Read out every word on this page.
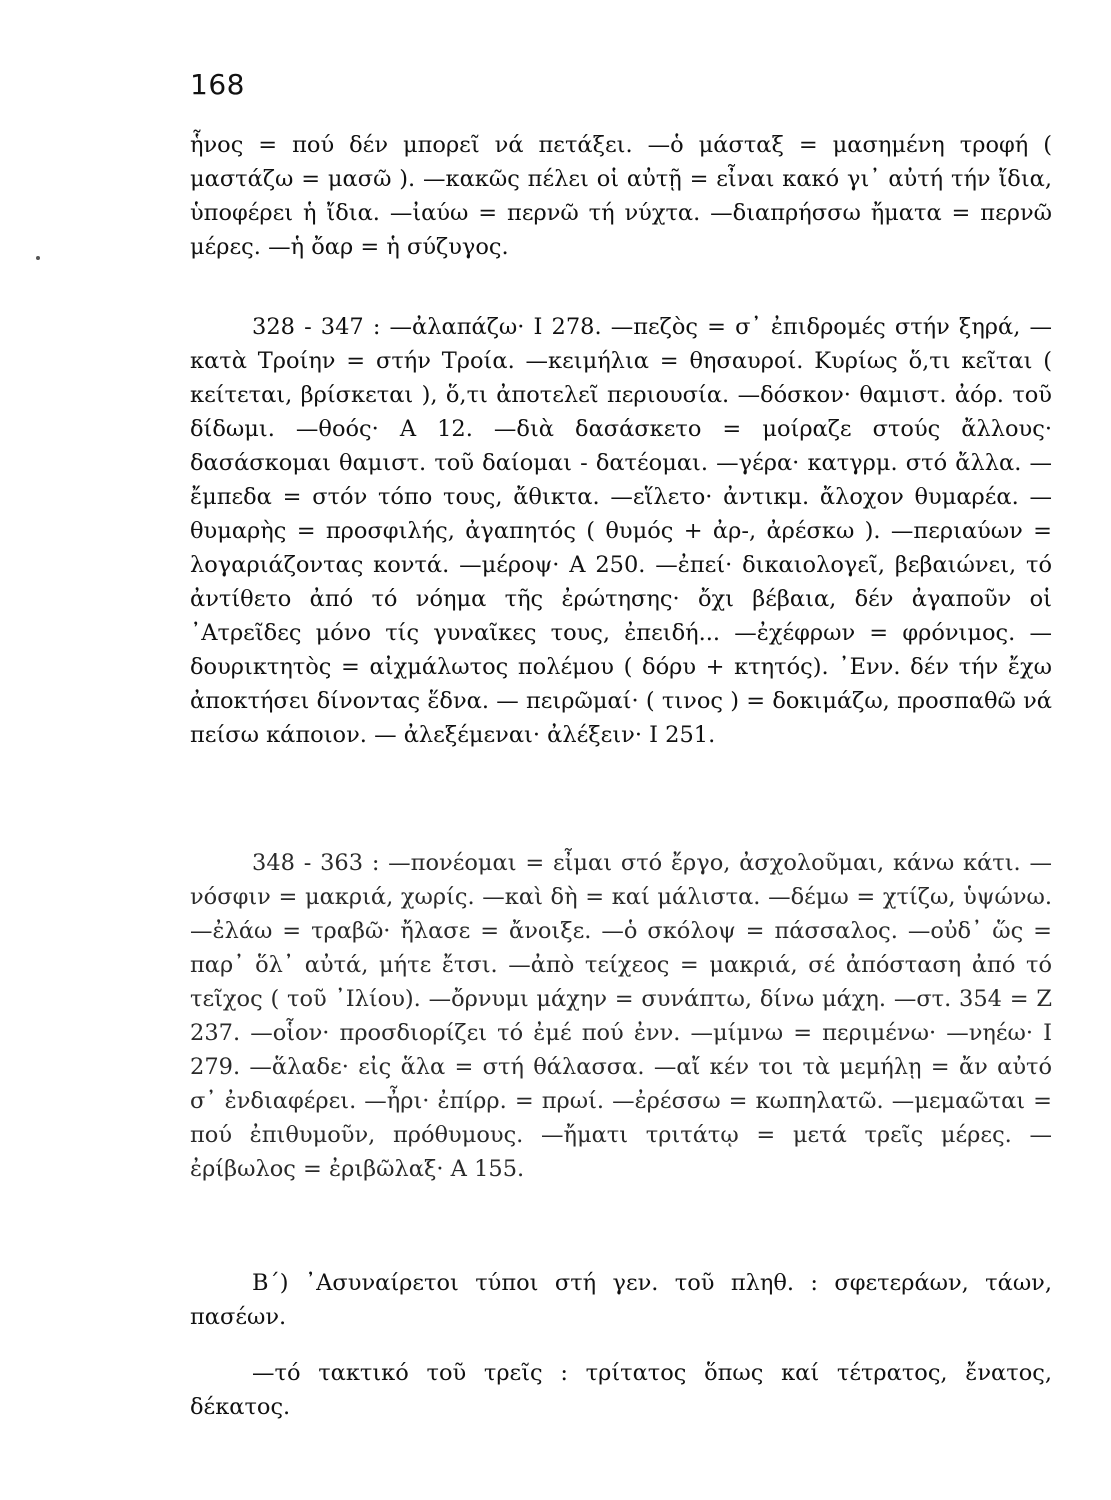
168
ἧνος = πού δέν μπορεῖ νά πετάξει. —ὁ μάσταξ = μασημένη τροφή ( μαστάζω = μασῶ ). —κακῶς πέλει οἱ αὐτῇ = εἶναι κακό γι᾽ αὐτή τήν ἴδια, ὑποφέρει ἡ ἴδια. —ἰαύω = περνῶ τή νύχτα. —διαπρήσσω ἤματα = περνῶ μέρες. —ἡ ὄαρ = ἡ σύζυγος.
328 - 347 : —ἀλαπάζω· Ι 278. —πεζὸς = σ᾽ ἐπιδρομές στήν ξηρά, —κατὰ Τροίην = στήν Τροία. —κειμήλια = θησαυροί. Κυρίως ὅ,τι κεῖται ( κείτεται, βρίσκεται ), ὅ,τι ἀποτελεῖ περιουσία. —δόσκον· θαμιστ. ἀόρ. τοῦ δίδωμι. —θοός· Α 12. —διὰ δασάσκετο = μοίραζε στούς ἄλλους· δασάσκομαι θαμιστ. τοῦ δαίομαι - δατέομαι. —γέρα· κατγρμ. στό ἄλλα. —ἔμπεδα = στόν τόπο τους, ἄθικτα. —εἵλετο· ἀντικμ. ἄλοχον θυμαρέα. —θυμαρὴς = προσφιλής, ἀγαπητός ( θυμός + ἀρ-, ἀρέσκω ). —περιαύων = λογαριάζοντας κοντά. —μέροψ· Α 250. —ἐπεί· δικαιολογεῖ, βεβαιώνει, τό ἀντίθετο ἀπό τό νόημα τῆς ἐρώτησης· ὄχι βέβαια, δέν ἀγαποῦν οἱ ᾽Ατρεῖδες μόνο τίς γυναῖκες τους, ἐπειδή... —ἐχέφρων = φρόνιμος. —δουρικτητὸς = αἰχμάλωτος πολέμου ( δόρυ + κτητός). ᾽Ενν. δέν τήν ἔχω ἀποκτήσει δίνοντας ἕδνα. — πειρῶμαί· ( τινος ) = δοκιμάζω, προσπαθῶ νά πείσω κάποιον. — ἀλεξέμεναι· ἀλέξειν· Ι 251.
348 - 363 : —πονέομαι = εἶμαι στό ἔργο, ἀσχολοῦμαι, κάνω κάτι. —νόσφιν = μακριά, χωρίς. —καὶ δὴ = καί μάλιστα. —δέμω = χτίζω, ὑψώνω. —ἐλάω = τραβῶ· ἤλασε = ἄνοιξε. —ὁ σκόλοψ = πάσσαλος. —οὐδ᾽ ὥς = παρ᾽ ὅλ᾽ αὐτά, μήτε ἔτσι. —ἀπὸ τείχεος = μακριά, σέ ἀπόσταση ἀπό τό τεῖχος ( τοῦ ᾽Ιλίου). —ὄρνυμι μάχην = συνάπτω, δίνω μάχη. —στ. 354 = Ζ 237. —οἷον· προσδιορίζει τό ἐμέ πού ἐνν. —μίμνω = περιμένω· —νηέω· Ι 279. —ἅλαδε· εἰς ἅλα = στή θάλασσα. —αἴ κέν τοι τὰ μεμήλῃ = ἄν αὐτό σ᾽ ἐνδιαφέρει. —ἦρι· ἐπίρρ. = πρωί. —ἐρέσσω = κωπηλατῶ. —μεμαῶται = πού ἐπιθυμοῦν, πρόθυμους. —ἤματι τριτάτῳ = μετά τρεῖς μέρες. —ἐρίβωλος = ἐριβῶλαξ· Α 155.
Β΄) ᾽Ασυναίρετοι τύποι στή γεν. τοῦ πληθ. : σφετεράων, τάων, πασέων.
—τό τακτικό τοῦ τρεῖς : τρίτατος ὅπως καί τέτρατος, ἔνατος, δέκατος.
